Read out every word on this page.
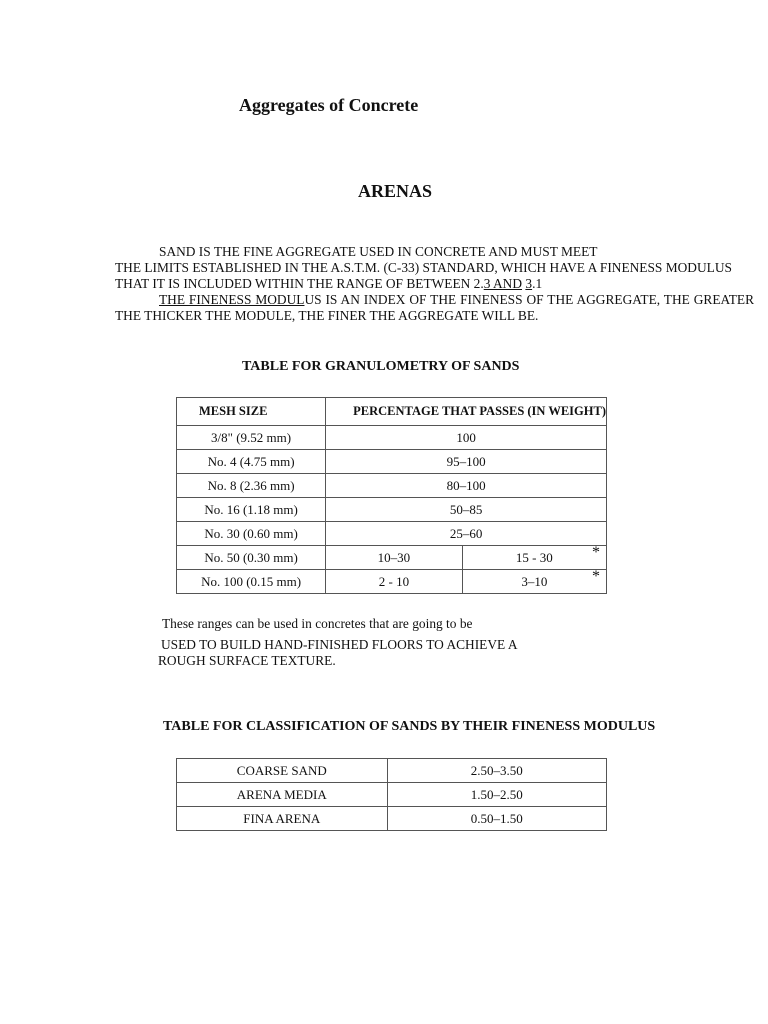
Aggregates of Concrete
ARENAS
SAND IS THE FINE AGGREGATE USED IN CONCRETE AND MUST MEET
THE LIMITS ESTABLISHED IN THE A.S.T.M. (C-33) STANDARD, WHICH HAVE A FINENESS MODULUS
THAT IT IS INCLUDED WITHIN THE RANGE OF BETWEEN 2.3 AND 3.1
THE FINENESS MODULUS IS AN INDEX OF THE FINENESS OF THE AGGREGATE, THE GREATER
THE THICKER THE MODULE, THE FINER THE AGGREGATE WILL BE.
TABLE FOR GRANULOMETRY OF SANDS
MESH SIZE	PERCENTAGE THAT PASSES (IN WEIGHT)	
3/8" (9.52 mm)	100	
No. 4 (4.75 mm)	95–100	
No. 8 (2.36 mm)	80–100	
No. 16 (1.18 mm)	50–85	
No. 30 (0.60 mm)	25–60	
No. 50 (0.30 mm)	10–30	15 - 30 *

No. 100 (0.15 mm)	2 - 10	3–10 *
These ranges can be used in concretes that are going to be
USED TO BUILD HAND-FINISHED FLOORS TO ACHIEVE A
ROUGH SURFACE TEXTURE.
TABLE FOR CLASSIFICATION OF SANDS BY THEIR FINENESS MODULUS
COARSE SAND	2.50–3.50
ARENA MEDIA	1.50–2.50
FINA ARENA	0.50–1.50
